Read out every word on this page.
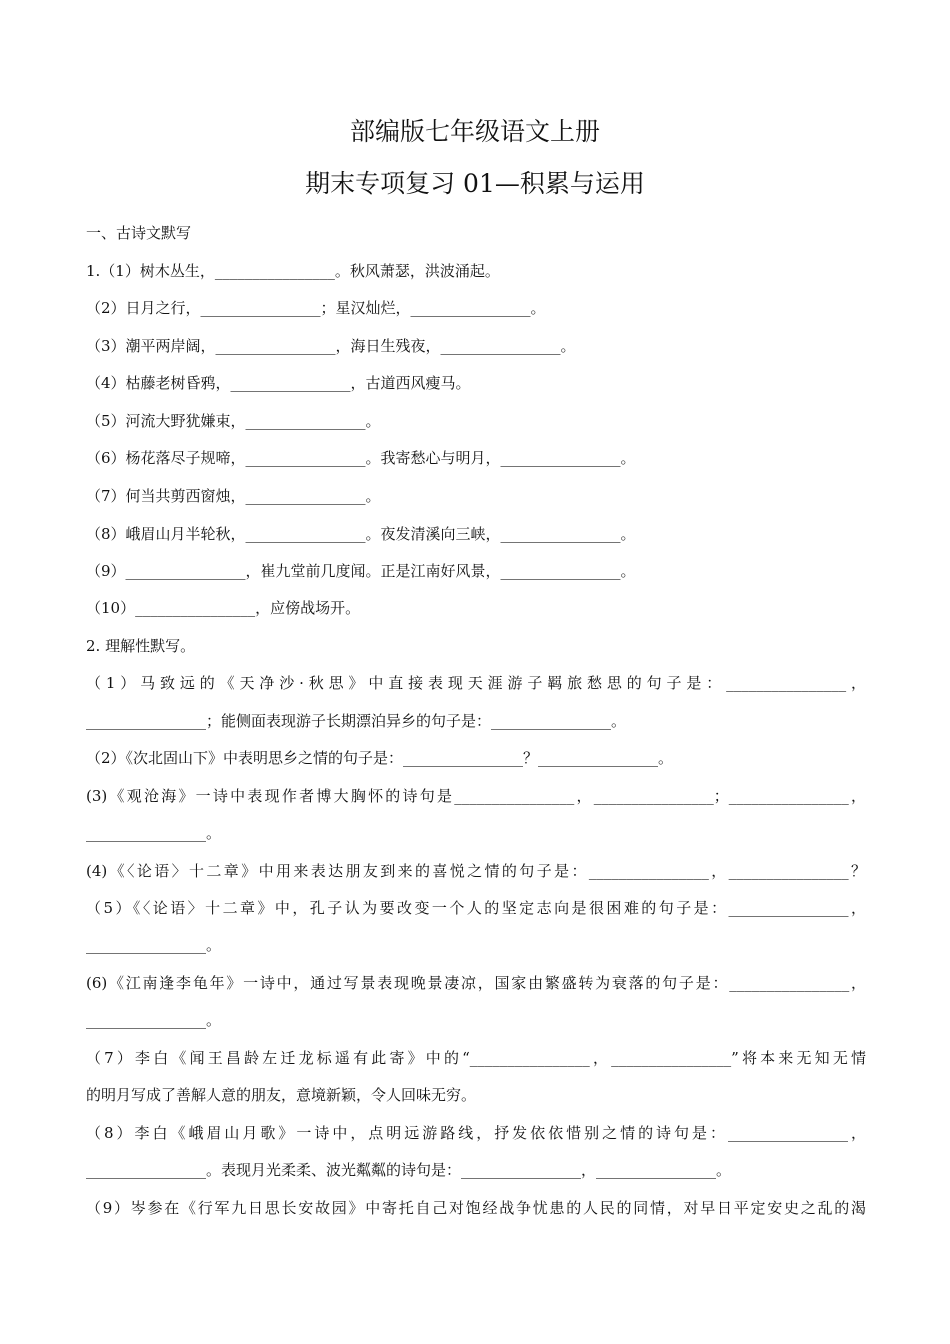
部编版七年级语文上册
期末专项复习 01—积累与运用
一、古诗文默写
1.（1）树木丛生，________________。秋风萧瑟，洪波涌起。
（2）日月之行，________________；星汉灿烂，________________。
（3）潮平两岸阔，________________，海日生残夜，________________。
（4）枯藤老树昏鸦，________________，古道西风瘦马。
（5）河流大野犹嫌束，________________。
（6）杨花落尽子规啼，________________。我寄愁心与明月，________________。
（7）何当共剪西窗烛，________________。
（8）峨眉山月半轮秋，________________。夜发清溪向三峡，________________。
（9）________________，崔九堂前几度闻。正是江南好风景，________________。
（10）________________，应傍战场开。
2. 理解性默写。
（1）马致远的《天净沙·秋思》中直接表现天涯游子羁旅愁思的句子是：________________，
________________；能侧面表现游子长期漂泊异乡的句子是：________________。
（2）《次北固山下》中表明思乡之情的句子是：________________？________________。
(3)《观沧海》一诗中表现作者博大胸怀的诗句是________________，________________；________________，
________________。
(4)《〈论语〉十二章》中用来表达朋友到来的喜悦之情的句子是：________________，________________？
（5）《〈论语〉十二章》中，孔子认为要改变一个人的坚定志向是很困难的句子是：________________，
________________。
(6)《江南逢李龟年》一诗中，通过写景表现晚景凄凉，国家由繁盛转为衰落的句子是：________________，
________________。
（7）李白《闻王昌龄左迁龙标遥有此寄》中的“________________，________________”将本来无知无情
的明月写成了善解人意的朋友，意境新颖，令人回味无穷。
（8）李白《峨眉山月歌》一诗中，点明远游路线，抒发依依惜别之情的诗句是：________________，
________________。表现月光柔柔、波光粼粼的诗句是：________________，________________。
（9）岑参在《行军九日思长安故园》中寄托自己对饱经战争忧患的人民的同情，对早日平定安史之乱的渴
